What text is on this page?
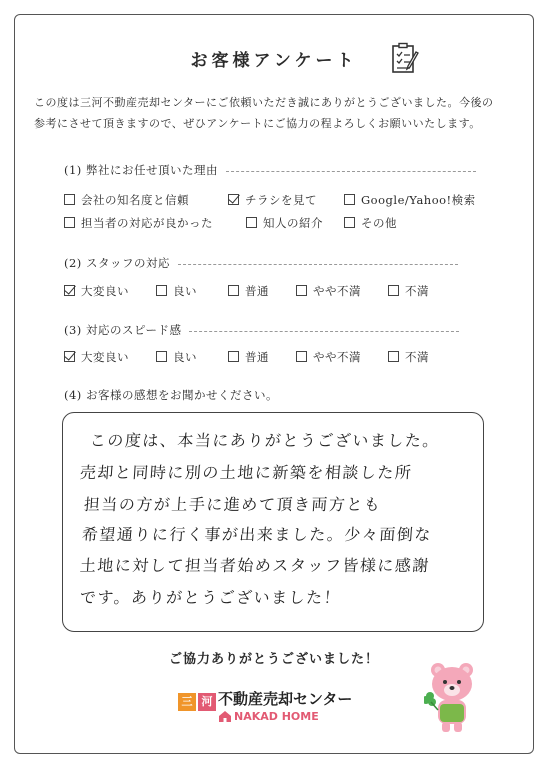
お客様アンケート
この度は三河不動産売却センターにご依頼いただき誠にありがとうございました。今後の
参考にさせて頂きますので、ぜひアンケートにご協力の程よろしくお願いいたします。
(1) 弊社にお任せ頂いた理由
会社の知名度と信頼	チラシを見て	Google/Yahoo!検索
担当者の対応が良かった	知人の紹介	その他
(2) スタッフの対応
大変良い	良い	普通	やや不満	不満
(3) 対応のスピード感
大変良い	良い	普通	やや不満	不満
(4) お客様の感想をお聞かせください。
この度は、本当にありがとうございました。
売却と同時に別の土地に新築を相談した所
担当の方が上手に進めて頂き両方とも
希望通りに行く事が出来ました。少々面倒な
土地に対して担当者始めスタッフ皆様に感謝
です。ありがとうございました！
ご協力ありがとうございました！
三 河 不動産売却センター
NAKAD HOME
